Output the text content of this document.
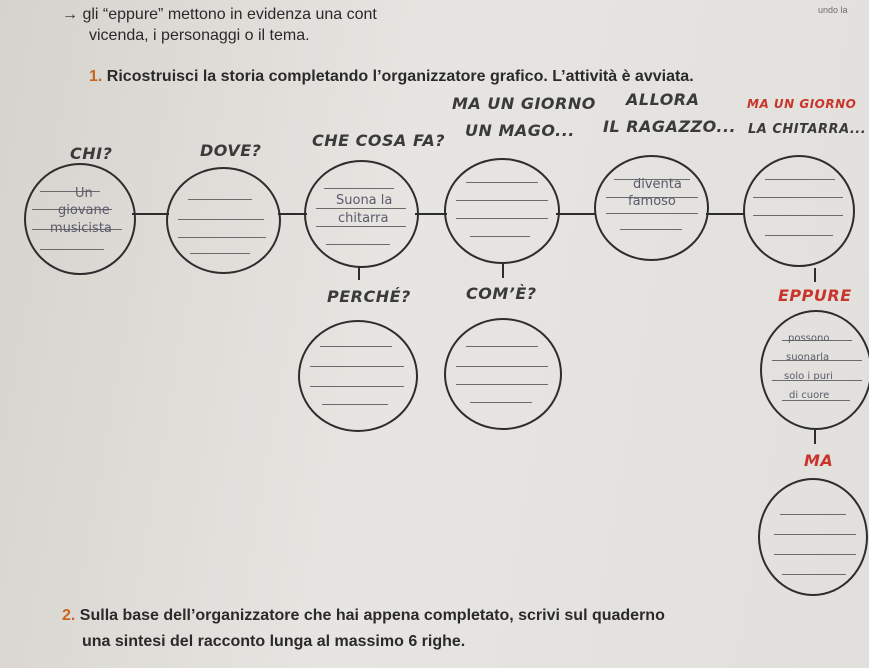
→ gli “eppure” mettono in evidenza una cont
vicenda, i personaggi o il tema.
undo la
1. Ricostruisci la storia completando l’organizzatore grafico. L’attività è avviata.
CHI?	DOVE?
CHE COSA FA?
MA UN GIORNO
UN MAGO...
ALLORA
IL RAGAZZO...
MA UN GIORNO
LA CHITARRA...
PERCHÉ?	COM’È?	EPPURE
MA
Un
giovane
musicista
Suona la
chitarra
diventa
famoso
possono
suonarla
solo i puri
di cuore
2. Sulla base dell’organizzatore che hai appena completato, scrivi sul quaderno
una sintesi del racconto lunga al massimo 6 righe.
